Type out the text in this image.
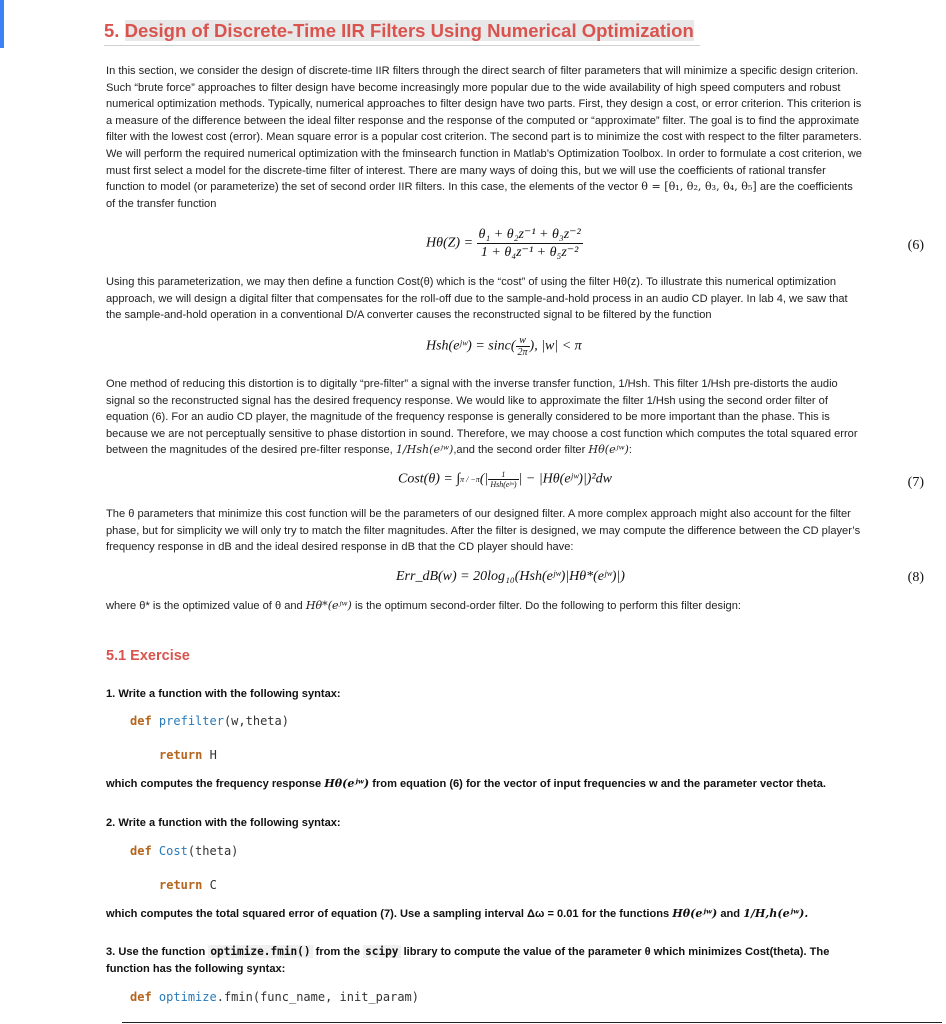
5. Design of Discrete-Time IIR Filters Using Numerical Optimization
In this section, we consider the design of discrete-time IIR filters through the direct search of filter parameters that will minimize a specific design criterion.
Such “brute force” approaches to filter design have become increasingly more popular due to the wide availability of high speed computers and robust
numerical optimization methods. Typically, numerical approaches to filter design have two parts. First, they design a cost, or error criterion. This criterion is
a measure of the difference between the ideal filter response and the response of the computed or “approximate” filter. The goal is to find the approximate
filter with the lowest cost (error). Mean square error is a popular cost criterion. The second part is to minimize the cost with respect to the filter parameters.
We will perform the required numerical optimization with the fminsearch function in Matlab’s Optimization Toolbox. In order to formulate a cost criterion, we
must first select a model for the discrete-time filter of interest. There are many ways of doing this, but we will use the coefficients of rational transfer
function to model (or parameterize) the set of second order IIR filters. In this case, the elements of the vector θ = [θ₁, θ₂, θ₃, θ₄, θ₅] are the coefficients
of the transfer function
$H\theta(Z) = \frac{\text{θ₁ + θ₂z⁻¹ + θ₃z⁻²}}{\text{1 + θ₄z⁻¹ + θ₅z⁻²}}$	(6)
Using this parameterization, we may then define a function Cost(θ) which is the “cost” of using the filter Hθ(z). To illustrate this numerical optimization
approach, we will design a digital filter that compensates for the roll-off due to the sample-and-hold process in an audio CD player. In lab 4, we saw that
the sample-and-hold operation in a conventional D/A converter causes the reconstructed signal to be filtered by the function
Hsh(eʲʷ) = $\sin c( \frac{w}{2\pi}$ ), |w| < π
One method of reducing this distortion is to digitally “pre-filter” a signal with the inverse transfer function, 1/Hsh. This filter 1/Hsh pre-distorts the audio
signal so the reconstructed signal has the desired frequency response. We would like to approximate the filter 1/Hsh using the second order filter of
equation (6). For an audio CD player, the magnitude of the frequency response is generally considered to be more important than the phase. This is
because we are not perceptually sensitive to phase distortion in sound. Therefore, we may choose a cost function which computes the total squared error
between the magnitudes of the desired pre-filter response, 1/Hsh(eʲʷ),and the second order filter Hθ(eʲʷ):
Cost(θ) = $\int\pi / -\pi(| \frac{1}{\text{Hsh(eʲʷ)}}$ | − |Hθ(eʲʷ)|)²dw	(7)
The θ parameters that minimize this cost function will be the parameters of our designed filter. A more complex approach might also account for the filter
phase, but for simplicity we will only try to match the filter magnitudes. After the filter is designed, we may compute the difference between the CD player’s
frequency response in dB and the ideal desired response in dB that the CD player should have:
Err_dB(w) = 20log₁₀(Hsh(eʲʷ)|Hθ*(eʲʷ)|)	(8)
where θ* is the optimized value of θ and Hθ*(eʲʷ) is the optimum second-order filter. Do the following to perform this filter design:
5.1 Exercise
1. Write a function with the following syntax:
def prefilter(w,theta)
return H
which computes the frequency response Hθ(eʲʷ) from equation (6) for the vector of input frequencies w and the parameter vector theta.
2. Write a function with the following syntax:
def Cost(theta)
return C
which computes the total squared error of equation (7). Use a sampling interval Δω = 0.01 for the functions Hθ(eʲʷ) and 1/H,h(eʲʷ).
3. Use the function optimize.fmin() from the scipy library to compute the value of the parameter θ which minimizes Cost(theta). The
function has the following syntax:
def optimize.fmin(func_name, init_param)
